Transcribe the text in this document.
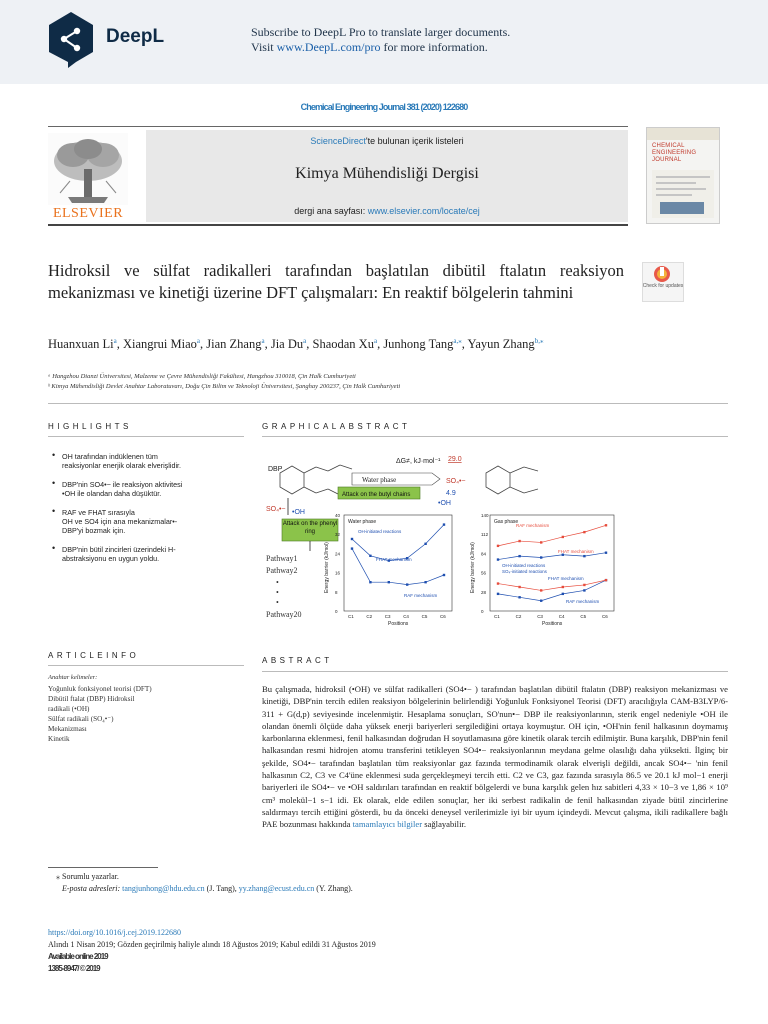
DeepL	Subscribe to DeepL Pro to translate larger documents.
Visit www.DeepL.com/pro for more information.
Chemical Engineering Journal 381 (2020) 122680
ELSEVIER
ScienceDirect'te bulunan içerik listeleri
Kimya Mühendisliği Dergisi
dergi ana sayfası: www.elsevier.com/locate/cej
CHEMICAL ENGINEERING JOURNAL
Hidroksil ve sülfat radikalleri tarafından başlatılan dibütil ftalatın reaksiyon mekanizması ve kinetiği üzerine DFT çalışmaları: En reaktif bölgelerin tahmini	Check for updates
Huanxuan Li$^a$, Xiangrui Miao$^a$, Jian Zhang$^a$, Jia Du$^a$, Shaodan Xu$^a$, Junhong Tang$^{a,⁎}$, Yayun Zhang$^{b,⁎}$
ᵃ Hangzhou Dianzi Üniversitesi, Malzeme ve Çevre Mühendisliği Fakültesi, Hangzhou 310018, Çin Halk Cumhuriyeti
ᵇ Kimya Mühendisliği Devlet Anahtar Laboratuvarı, Doğu Çin Bilim ve Teknoloji Üniversitesi, Şanghay 200237, Çin Halk Cumhuriyeti
HIGHLIGHTS
• OH tarafından indüklenen tüm
reaksiyonlar enerjik olarak elverişlidir.
• DBP'nin SO4•− ile reaksiyon aktivitesi
•OH ile olandan daha düşüktür.
• RAF ve FHAT sırasıyla
OH ve SO4 için ana mekanizmalar•-
DBP'yi bozmak için.
• DBP'nin bütil zincirleri üzerindeki H-
abstraksiyonu en uygun yoldu.
GRAPHICALABSTRACT
DBP
SO₄•− •OH
Attack on the phenyl ring
Pathway1
Pathway2
•
•
•
Pathway20
ΔG≠, kJ·mol⁻¹ 29.0
SO₄•−
4.9
•OH
Water phase
Attack on the butyl chains
Water phase
Positions
Energy barrier (kJ/mol)
C1	C2	C3	C4	C5	C6
0
8
16
24
32
40
OH-initiated reactions
FHAT mechanism
RAF mechanism
Gas phase
Positions
Energy barrier (kJ/mol)
C1	C2	C3	C4	C5	C6
0
28
56
84
112
140
RAF mechanism
FHAT mechanism
OH-initiated reactions
SO₄-initiated reactions
FHAT mechanism
RAF mechanism
ARTICLEINFO
Anahtar kelimeler:
Yoğunluk fonksiyonel teorisi (DFT)
Dibütil ftalat (DBP) Hidroksil
radikali (•OH)
Sülfat radikali (SO₄•⁻)
Mekanizması
Kinetik
ABSTRACT
Bu çalışmada, hidroksil (•OH) ve sülfat radikalleri (SO4•− ) tarafından başlatılan dibütil ftalatın (DBP) reaksiyon mekanizması ve kinetiği, DBP'nin tercih edilen reaksiyon bölgelerinin belirlendiği Yoğunluk Fonksiyonel Teorisi (DFT) aracılığıyla CAM-B3LYP/6-311 + G(d,p) seviyesinde incelenmiştir. Hesaplama sonuçları, SO'nun•− DBP ile reaksiyonlarının, sterik engel nedeniyle •OH ile olandan önemli ölçüde daha yüksek enerji bariyerleri sergilediğini ortaya koymuştur. OH için, •OH'nin fenil halkasının doymamış karbonlarına eklenmesi, fenil halkasından doğrudan H soyutlamasına göre kinetik olarak tercih edilmiştir. Buna karşılık, DBP'nin fenil halkasından resmi hidrojen atomu transferini tetikleyen SO4•− reaksiyonlarının meydana gelme olasılığı daha yüksekti. İlginç bir şekilde, SO4•− tarafından başlatılan tüm reaksiyonlar gaz fazında termodinamik olarak elverişli değildi, ancak SO4•− 'nin fenil halkasının C2, C3 ve C4'üne eklenmesi suda gerçekleşmeyi tercih etti. C2 ve C3, gaz fazında sırasıyla 86.5 ve 20.1 kJ mol−1 enerji bariyerleri ile SO4•− ve •OH saldırıları tarafından en reaktif bölgelerdi ve buna karşılık gelen hız sabitleri 4,33 × 10−3 ve 1,86 × 10⁹ cm³ molekül−1 s−1 idi. Ek olarak, elde edilen sonuçlar, her iki serbest radikalin de fenil halkasından ziyade bütil zincirlerine saldırmayı tercih ettiğini gösterdi, bu da önceki deneysel verilerimizle iyi bir uyum içindeydi. Mevcut çalışma, ikili radikallere bağlı PAE bozunması hakkında tamamlayıcı bilgiler sağlayabilir.
⁎ Sorumlu yazarlar.
E-posta adresleri: tangjunhong@hdu.edu.cn (J. Tang), yy.zhang@ecust.edu.cn (Y. Zhang).
https://doi.org/10.1016/j.cej.2019.122680
Alındı 1 Nisan 2019; Gözden geçirilmiş haliyle alındı 18 Ağustos 2019; Kabul edildi 31 Ağustos 2019
Available online 2019
1385-8947/ © 2019
